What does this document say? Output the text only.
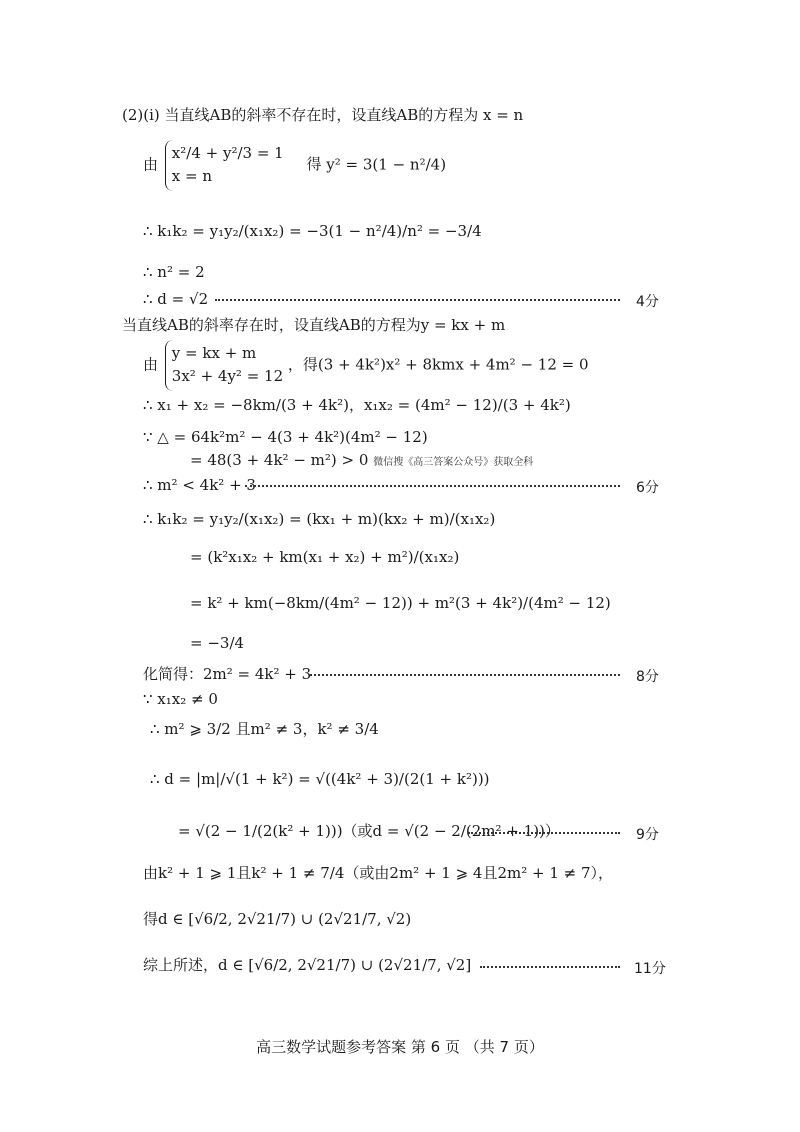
(2)(ⅰ) 当直线AB的斜率不存在时，设直线AB的方程为 x = n
由
x²/4 + y²/3 = 1
x = n
得 y² = 3(1 − n²/4)
∴ k₁k₂ = y₁y₂/(x₁x₂) = −3(1 − n²/4)/n² = −3/4
∴ n² = 2
∴ d = √2	4分
当直线AB的斜率存在时，设直线AB的方程为y = kx + m
由
y = kx + m
3x² + 4y² = 12
，得(3 + 4k²)x² + 8kmx + 4m² − 12 = 0
∴ x₁ + x₂ = −8km/(3 + 4k²)，x₁x₂ = (4m² − 12)/(3 + 4k²)
∵ △ = 64k²m² − 4(3 + 4k²)(4m² − 12)
= 48(3 + 4k² − m²) > 0 微信搜《高三答案公众号》获取全科
∴ m² < 4k² + 3	6分
∴ k₁k₂ = y₁y₂/(x₁x₂) = (kx₁ + m)(kx₂ + m)/(x₁x₂)
= (k²x₁x₂ + km(x₁ + x₂) + m²)/(x₁x₂)
= k² + km(−8km/(4m² − 12)) + m²(3 + 4k²)/(4m² − 12)
= −3/4
化简得：2m² = 4k² + 3	8分
∵ x₁x₂ ≠ 0
∴ m² ⩾ 3/2 且m² ≠ 3，k² ≠ 3/4
∴ d = |m|/√(1 + k²) = √((4k² + 3)/(2(1 + k²)))
= √(2 − 1/(2(k² + 1)))（或d = √(2 − 2/(2m² + 1))）	9分
由k² + 1 ⩾ 1且k² + 1 ≠ 7/4（或由2m² + 1 ⩾ 4且2m² + 1 ≠ 7），
得d ∈ [√6/2, 2√21/7) ∪ (2√21/7, √2)
综上所述，d ∈ [√6/2, 2√21/7) ∪ (2√21/7, √2]	11分
高三数学试题参考答案 第 6 页 （共 7 页）
